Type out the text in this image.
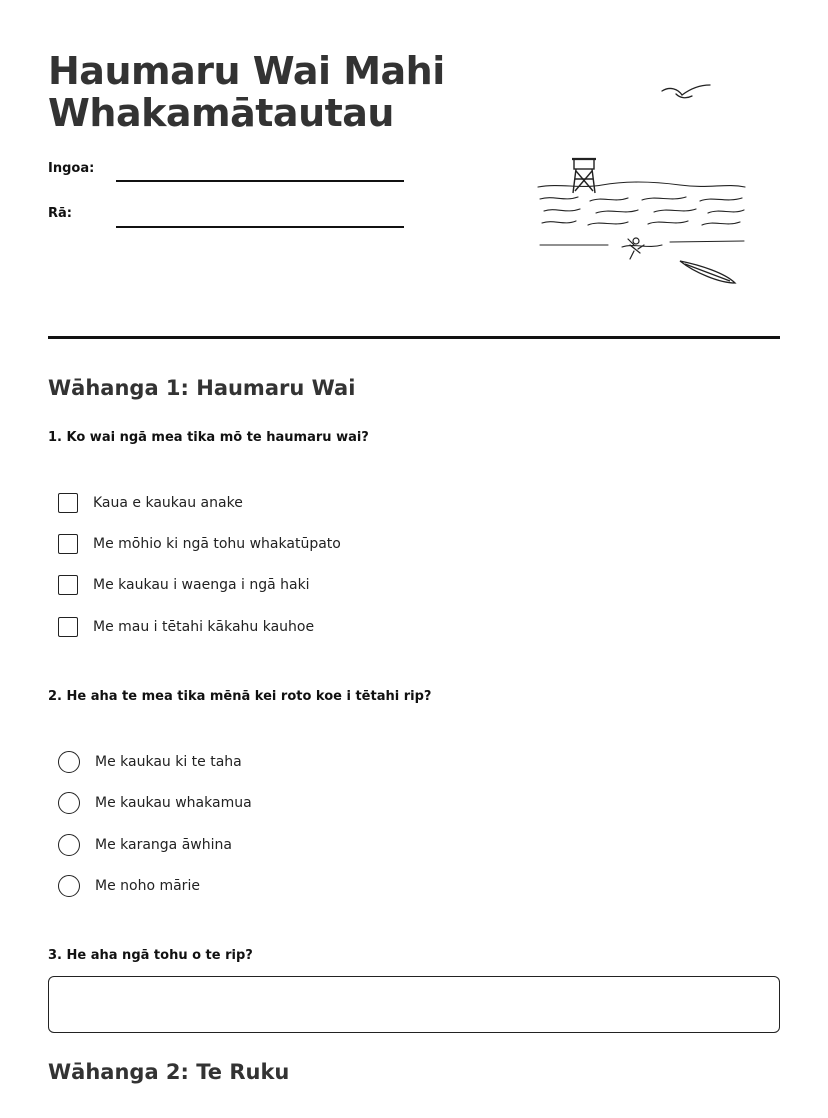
Haumaru Wai Mahi
Whakamātautau
Ingoa:
Rā:
Wāhanga 1: Haumaru Wai

1. Ko wai ngā mea tika mō te haumaru wai?

Kaua e kaukau anake
Me mōhio ki ngā tohu whakatūpato
Me kaukau i waenga i ngā haki
Me mau i tētahi kākahu kauhoe

2. He aha te mea tika mēnā kei roto koe i tētahi rip?

Me kaukau ki te taha
Me kaukau whakamua
Me karanga āwhina
Me noho mārie

3. He aha ngā tohu o te rip?

Wāhanga 2: Te Ruku
